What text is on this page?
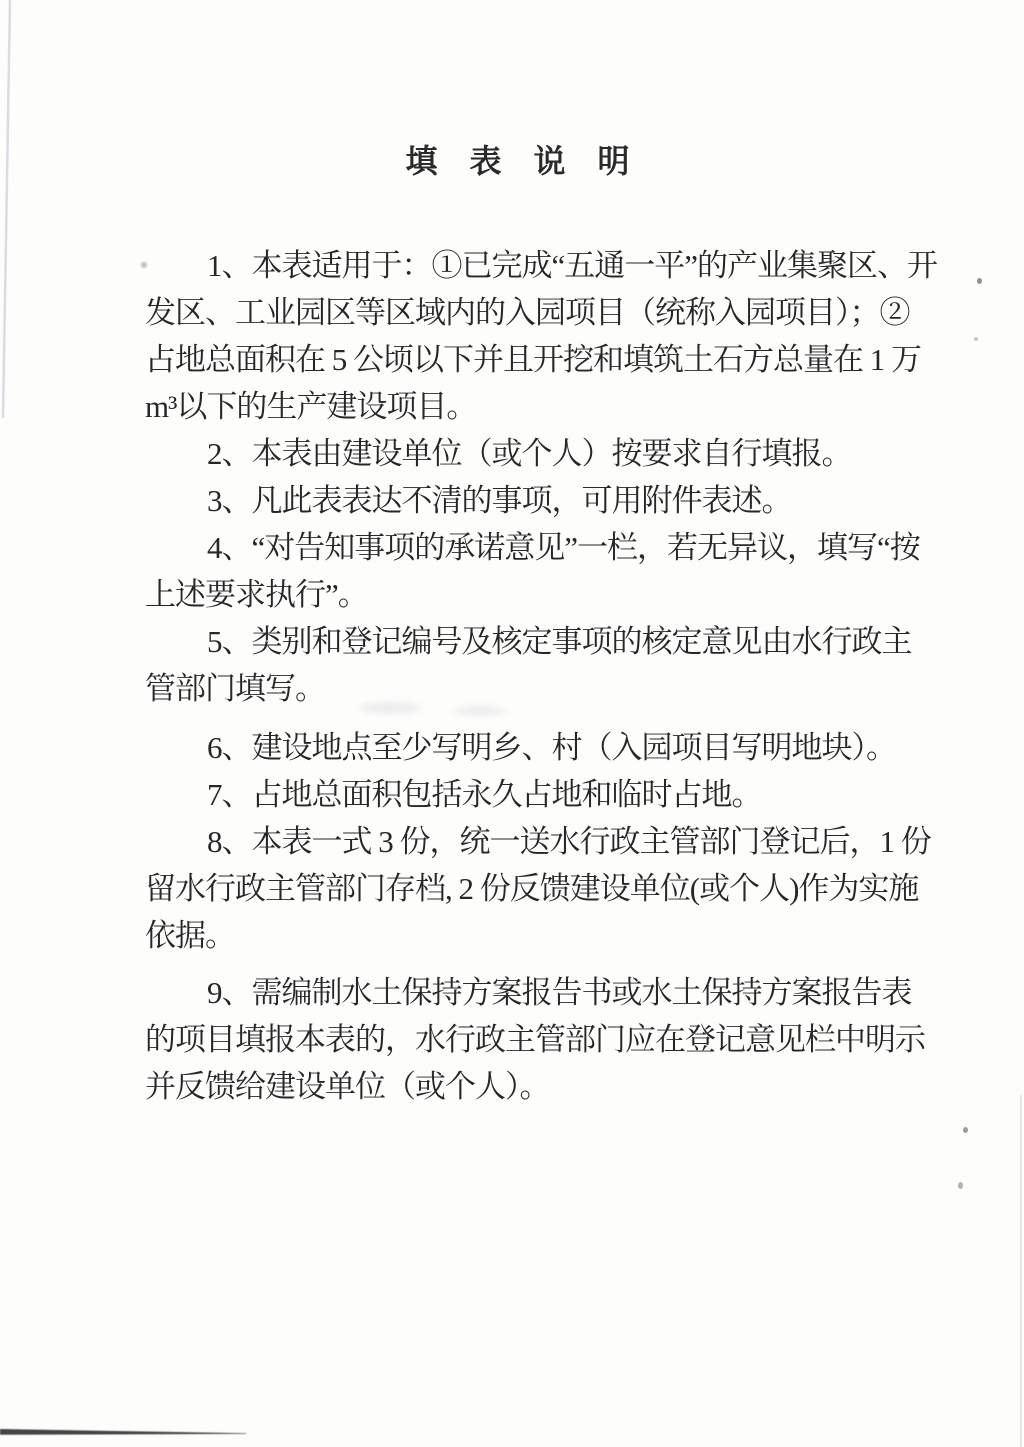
填　表　说　明
1、本表适用于：①已完成“五通一平”的产业集聚区、开
发区、工业园区等区域内的入园项目（统称入园项目）；②
占地总面积在 5 公顷以下并且开挖和填筑土石方总量在 1 万
m³以下的生产建设项目。
2、本表由建设单位（或个人）按要求自行填报。
3、凡此表表达不清的事项，可用附件表述。
4、“对告知事项的承诺意见”一栏，若无异议，填写“按
上述要求执行”。
5、类别和登记编号及核定事项的核定意见由水行政主
管部门填写。
6、建设地点至少写明乡、村（入园项目写明地块）。
7、占地总面积包括永久占地和临时占地。
8、本表一式 3 份，统一送水行政主管部门登记后，1 份
留水行政主管部门存档, 2 份反馈建设单位(或个人)作为实施
依据。
9、需编制水土保持方案报告书或水土保持方案报告表
的项目填报本表的，水行政主管部门应在登记意见栏中明示
并反馈给建设单位（或个人）。
